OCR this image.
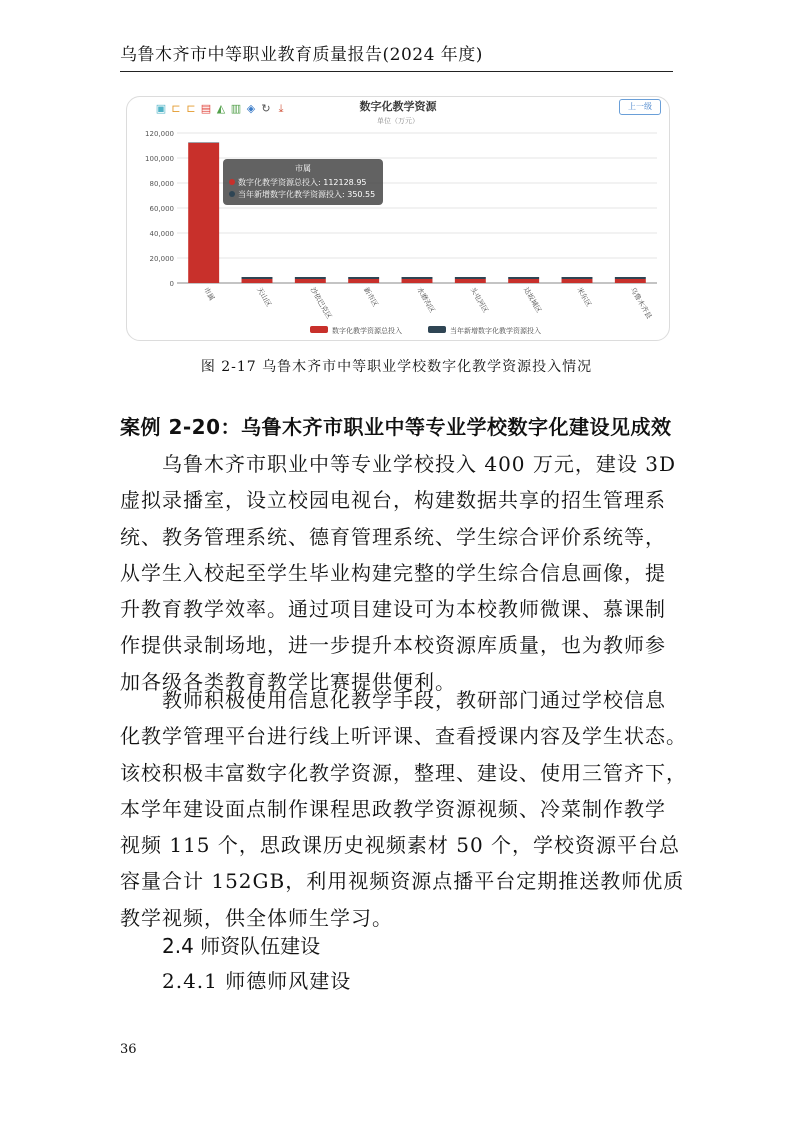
乌鲁木齐市中等职业教育质量报告(2024 年度)
数字化教学资源
单位（万元）
0
20,000
40,000
60,000
80,000
100,000
120,000
市属	天山区	沙依巴克区	新市区	水磨沟区	头屯河区	达坂城区	米东区	乌鲁木齐县
数字化教学资源总投入	当年新增数字化教学资源投入
▣ ⊏ ⊏ ▤ ◭ ▥ ◈ ↻ ⤓	上一级
市属
数字化教学资源总投入: 112128.95
当年新增数字化教学资源投入: 350.55
图 2-17 乌鲁木齐市中等职业学校数字化教学资源投入情况
案例 2-20：乌鲁木齐市职业中等专业学校数字化建设见成效
　　乌鲁木齐市职业中等专业学校投入 400 万元，建设 3D
虚拟录播室，设立校园电视台，构建数据共享的招生管理系
统、教务管理系统、德育管理系统、学生综合评价系统等，
从学生入校起至学生毕业构建完整的学生综合信息画像，提
升教育教学效率。通过项目建设可为本校教师微课、慕课制
作提供录制场地，进一步提升本校资源库质量，也为教师参
加各级各类教育教学比赛提供便利。
　　教师积极使用信息化教学手段，教研部门通过学校信息
化教学管理平台进行线上听评课、查看授课内容及学生状态。
该校积极丰富数字化教学资源，整理、建设、使用三管齐下，
本学年建设面点制作课程思政教学资源视频、冷菜制作教学
视频 115 个，思政课历史视频素材 50 个，学校资源平台总
容量合计 152GB，利用视频资源点播平台定期推送教师优质
教学视频，供全体师生学习。
2.4 师资队伍建设
2.4.1 师德师风建设
36
